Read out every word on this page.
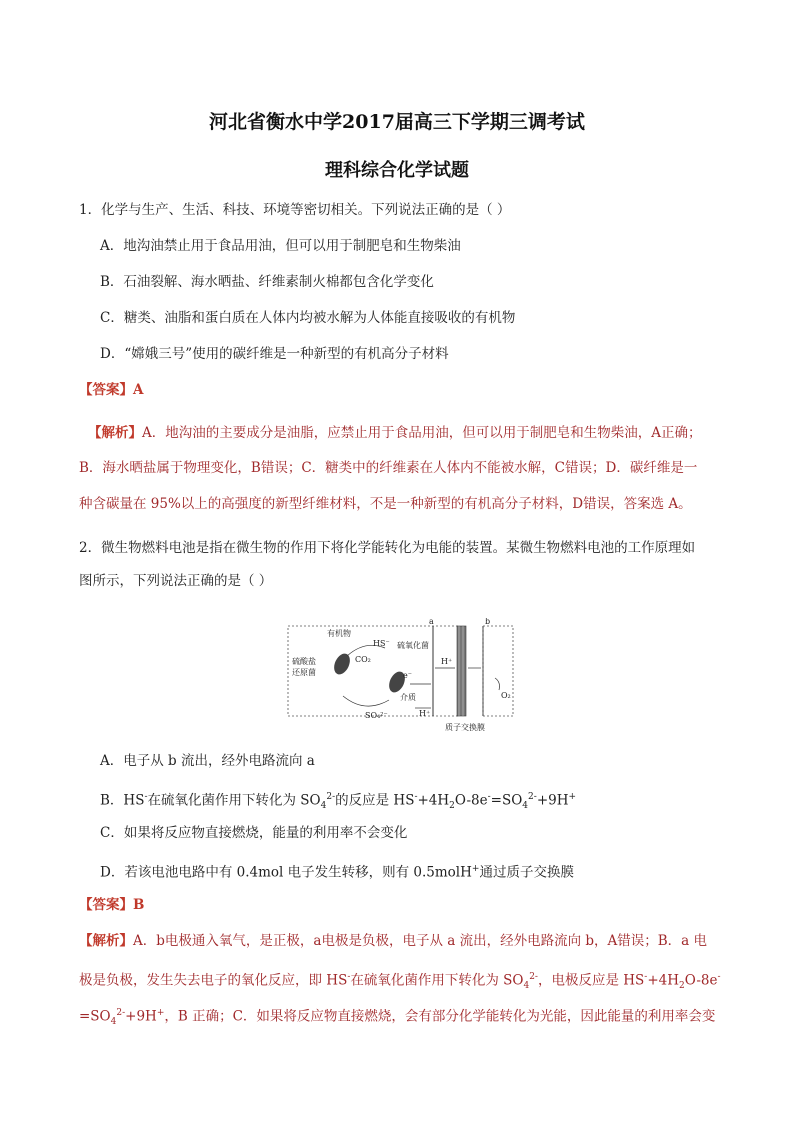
河北省衡水中学2017届高三下学期三调考试
理科综合化学试题
1．化学与生产、生活、科技、环境等密切相关。下列说法正确的是（ ）
A．地沟油禁止用于食品用油，但可以用于制肥皂和生物柴油
B．石油裂解、海水晒盐、纤维素制火棉都包含化学变化
C．糖类、油脂和蛋白质在人体内均被水解为人体能直接吸收的有机物
D．“嫦娥三号”使用的碳纤维是一种新型的有机高分子材料
【答案】A
【解析】A．地沟油的主要成分是油脂，应禁止用于食品用油，但可以用于制肥皂和生物柴油，A正确；
B．海水晒盐属于物理变化，B错误；C．糖类中的纤维素在人体内不能被水解，C错误；D．碳纤维是一
种含碳量在 95%以上的高强度的新型纤维材料，不是一种新型的有机高分子材料，D错误，答案选 A。
2．微生物燃料电池是指在微生物的作用下将化学能转化为电能的装置。某微生物燃料电池的工作原理如
图所示，下列说法正确的是（ ）
有机物
硫酸盐
还原菌
CO₂
HS⁻
SO₄²⁻
硫氧化菌
e⁻
介质
H⁺
H⁺
a	b
O₂
质子交换膜
A．电子从 b 流出，经外电路流向 a
B．HS-在硫氧化菌作用下转化为 $SO_4^{2-}$的反应是 $HS^-+4H_2O-8e^-=SO_4^{2-}+9H^+$
C．如果将反应物直接燃烧，能量的利用率不会变化
D．若该电池电路中有 0.4mol 电子发生转移，则有 0.5molH+通过质子交换膜
【答案】B
【解析】A．b电极通入氧气，是正极，a电极是负极，电子从 a 流出，经外电路流向 b，A错误；B．a 电
极是负极，发生失去电子的氧化反应，即 HS-在硫氧化菌作用下转化为 $SO_4^{2-}$，电极反应是 $HS^-+4H_2O-8e^-$
$=SO_4^{2-}+9H^+$，B 正确；C．如果将反应物直接燃烧，会有部分化学能转化为光能，因此能量的利用率会变
